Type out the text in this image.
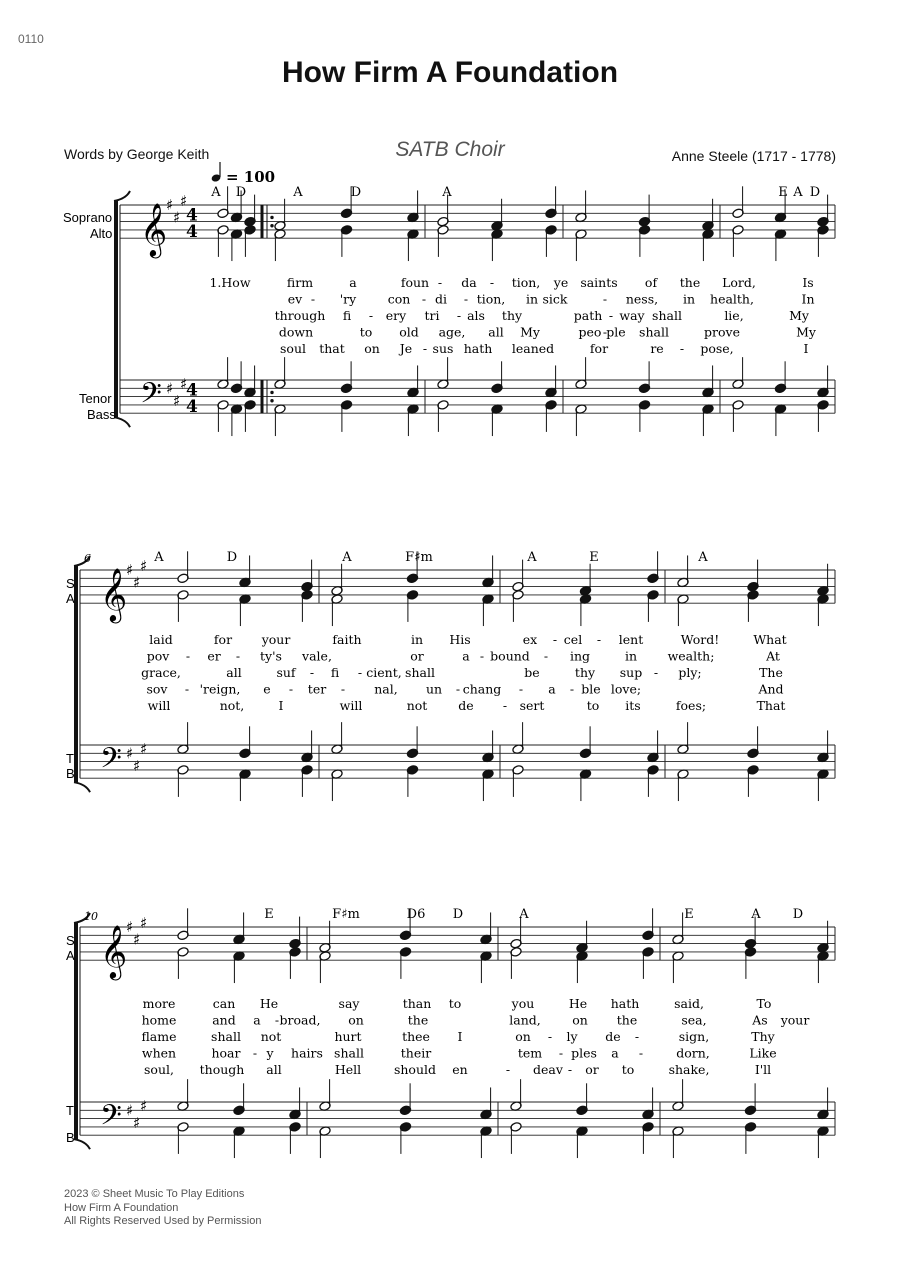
0110
How Firm A Foundation
Words by George Keith	SATB Choir	Anne Steele (1717 - 1778)
𝄞
♯
♯
♯
4
4
𝄢 ♯
♯
♯
4
4
𝄞
♯
♯
♯
𝄢 ♯
♯
♯
𝄞
♯
♯
♯
𝄢 ♯
♯
♯
= 100
Soprano
Alto
Tenor
Bass
S
A
T
B
S
A
T
B
6
10
A D	A	D	A	E A D
A	D	A	F♯m	A	E	A
E	F♯m	D6 D	A	E	A D
1.How	firm	a	foun - da - tion, ye saints of the Lord,	Is
ev - 'ry	con - di - tion, in sick	- ness, in health,	In
through fi - ery tri - als thy	path - way shall	lie,	My
down	to old age, all My	peo - ple shall	prove	My
soul that on Je - sus hath leaned	for	re - pose,	I
laid	for your	faith	in His	ex - cel - lent	Word!	What
pov - er - ty's vale,	or	a - bound - ing	in wealth;	At
grace,	all	suf - fi - cient, shall	be	thy sup - ply;	The
sov - 'reign, e - ter - nal, un - chang - a - ble love;	And
will	not,	I	will	not de - sert	to its	foes;	That
more	can He	say	than to	you	He hath	said,	To
home	and a - broad, on	the	land,	on the	sea,	As your
flame	shall not	hurt	thee I	on - ly de -	sign,	Thy
when	hoar - y hairs shall	their	tem - ples a -	dorn,	Like
soul, though all	Hell	should en	- deav - or to	shake,	I'll
2023 © Sheet Music To Play Editions
How Firm A Foundation
All Rights Reserved Used by Permission
